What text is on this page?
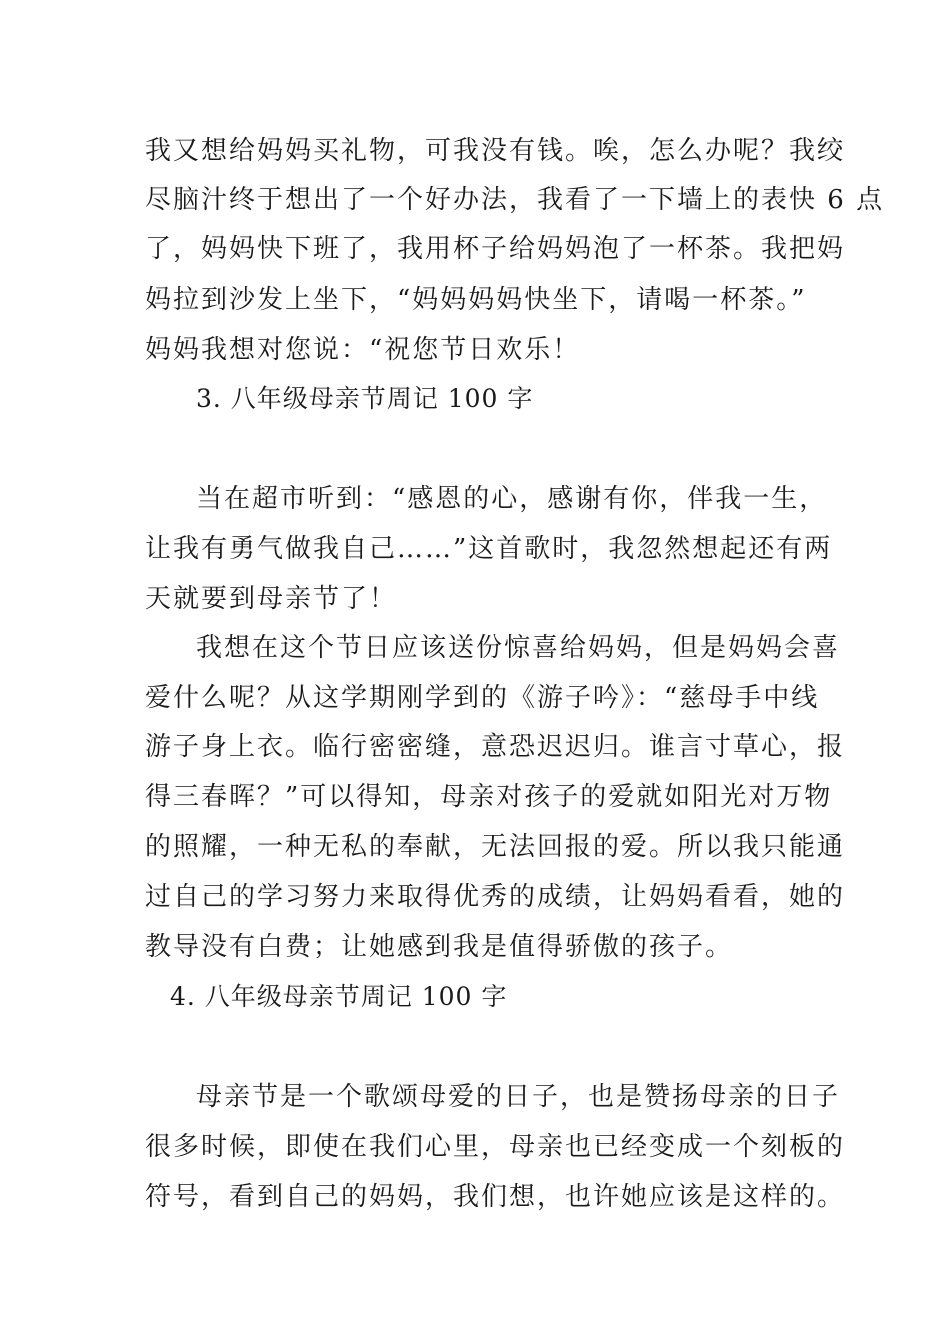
我又想给妈妈买礼物，可我没有钱。唉，怎么办呢？我绞
尽脑汁终于想出了一个好办法，我看了一下墙上的表快 6 点
了，妈妈快下班了，我用杯子给妈妈泡了一杯茶。我把妈
妈拉到沙发上坐下，“妈妈妈妈快坐下，请喝一杯茶。”
妈妈我想对您说：“祝您节日欢乐！
3. 八年级母亲节周记 100 字
当在超市听到：“感恩的心，感谢有你，伴我一生，
让我有勇气做我自己……”这首歌时，我忽然想起还有两
天就要到母亲节了！
我想在这个节日应该送份惊喜给妈妈，但是妈妈会喜
爱什么呢？从这学期刚学到的《游子吟》：“慈母手中线
游子身上衣。临行密密缝，意恐迟迟归。谁言寸草心，报
得三春晖？”可以得知，母亲对孩子的爱就如阳光对万物
的照耀，一种无私的奉献，无法回报的爱。所以我只能通
过自己的学习努力来取得优秀的成绩，让妈妈看看，她的
教导没有白费；让她感到我是值得骄傲的孩子。
4. 八年级母亲节周记 100 字
母亲节是一个歌颂母爱的日子，也是赞扬母亲的日子
很多时候，即使在我们心里，母亲也已经变成一个刻板的
符号，看到自己的妈妈，我们想，也许她应该是这样的。
